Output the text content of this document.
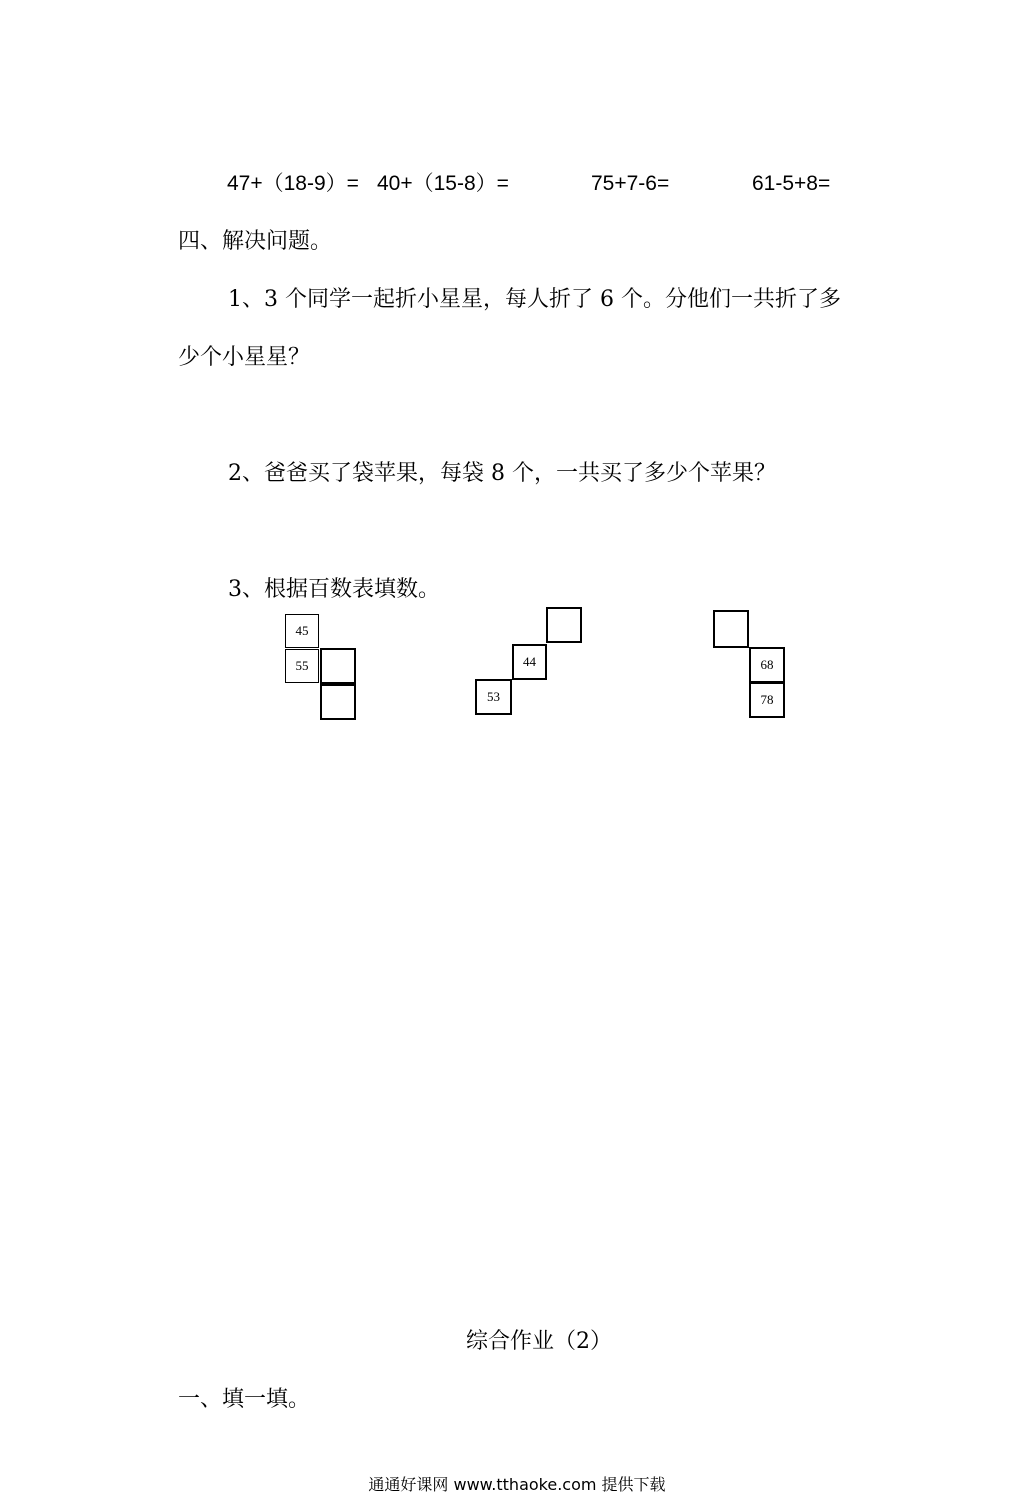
47+（18-9）= 40+（15-8）=	75+7-6=	61-5+8=
四、解决问题。
1、3 个同学一起折小星星，每人折了 6 个。分他们一共折了多
少个小星星？
2、爸爸买了袋苹果，每袋 8 个，一共买了多少个苹果？
3、根据百数表填数。
45
55	44
53
68
78
综合作业（2）
一、填一填。
通通好课网 www.tthaoke.com 提供下载
